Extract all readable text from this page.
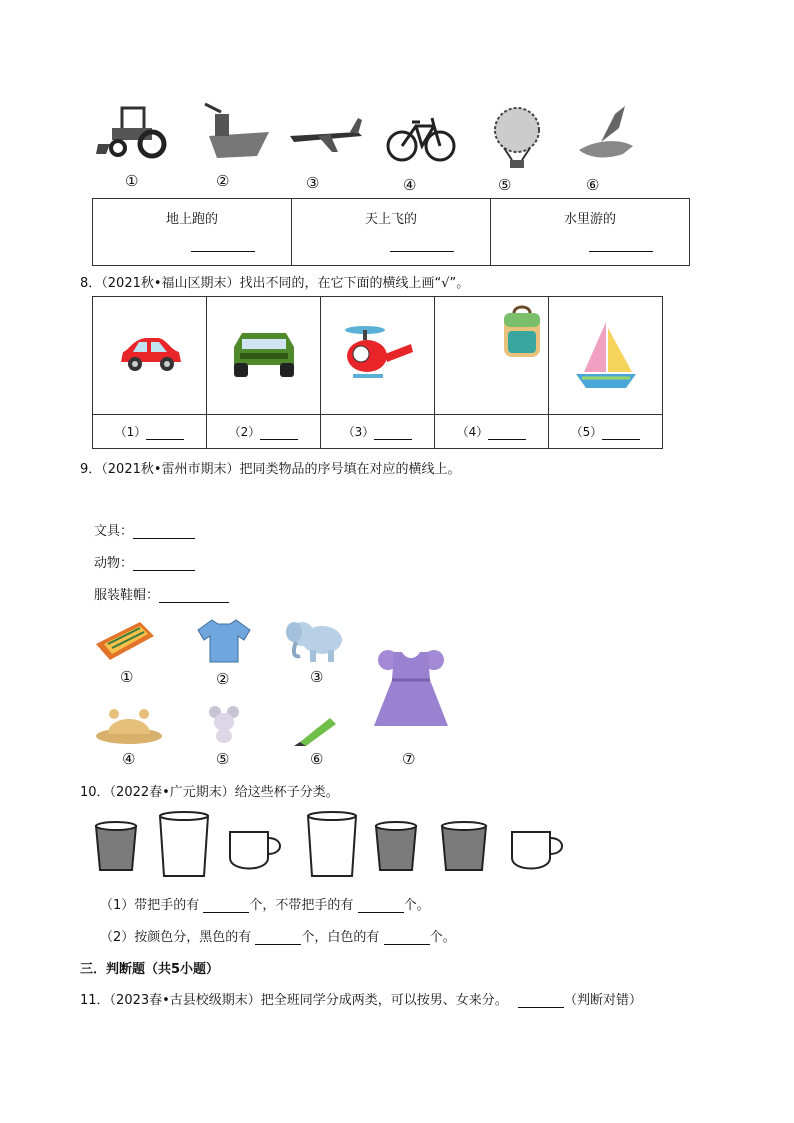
①	②	③	④	⑤	⑥
地上跑的	天上飞的	水里游的
8．（2021秋•福山区期末）找出不同的，在它下面的横线上画“√”。

（1）	（2）	（3）	（4）	（5）
9．（2021秋•雷州市期末）把同类物品的序号填在对应的横线上。
文具：
动物：
服装鞋帽：
①	②	③
④	⑤	⑥	⑦
10．（2022春•广元期末）给这些杯子分类。
（1）带把手的有	个，不带把手的有	个。
（2）按颜色分，黑色的有	个，白色的有	个。
三．判断题（共5小题）
11．（2023春•古县校级期末）把全班同学分成两类，可以按男、女来分。	（判断对错）
